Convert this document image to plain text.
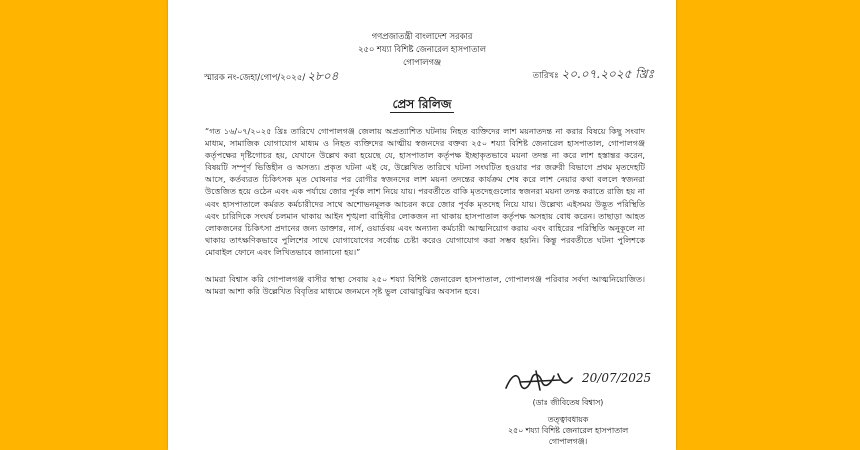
গণপ্রজাতন্ত্রী বাংলাদেশ সরকার
২৫০ শয্যা বিশিষ্ট জেনারেল হাসপাতাল
গোপালগঞ্জ
স্মারক নং-জেহা/গোপ/২০২৫/ ২৮০৪	তারিখঃ ২০.০৭.২০২৫ খ্রিঃ
প্রেস রিলিজ

“গত ১৬/০৭/২০২৫ খ্রিঃ তারিখে গোপালগঞ্জ জেলায় অপ্রত্যাশিত ঘটনায় নিহত ব্যক্তিদের লাশ ময়নাতদন্ত না করার বিষয়ে কিছু সংবাদ মাধ্যম, সামাজিক যোগাযোগ মাধ্যম ও নিহত ব্যক্তিদের আত্মীয় স্বজনদের বক্তব্য ২৫০ শয্যা বিশিষ্ট জেনারেল হাসপাতাল, গোপালগঞ্জ কর্তৃপক্ষের দৃষ্টিগোচর হয়, যেখানে উল্লেখ করা হয়েছে যে, হাসপাতাল কর্তৃপক্ষ ইচ্ছাকৃতভাবে ময়না তদন্ত না করে লাশ হস্তান্তর করেন, বিষয়টি সম্পূর্ণ ভিত্তিহীন ও অসত্য। প্রকৃত ঘটনা এই যে, উল্লেখিত তারিখে ঘটনা সংঘটিত হওয়ার পর জরুরী বিভাগে প্রথম মৃতদেহটি আসে, কর্তব্যরত চিকিৎসক মৃত ঘোষনার পর রোগীর স্বজনদের লাশ ময়না তদন্তের কার্যক্রম শেষ করে লাশ নেয়ার কথা বললে স্বজনরা উত্তেজিত হয়ে ওঠেন এবং এক পর্যায়ে জোর পূর্বক লাশ নিয়ে যায়। পরবর্তীতে বাকি মৃতদেহগুলোর স্বজনরা ময়না তদন্ত করাতে রাজি হয় না এবং হাসপাতালে কর্মরত কর্মচারীদের সাথে অশোভনমূলক আচরন করে জোর পূর্বক মৃতদেহ নিয়ে যায়। উল্লেখ্য এইসময় উদ্ভূত পরিস্থিতি এবং চারিদিকে সংঘর্ষ চলমান থাকায় আইন শৃঙ্খলা বাহিনীর লোকজন না থাকায় হাসপাতাল কর্তৃপক্ষ অসহায় বোধ করেন। তাছাড়া আহত লোকজনের চিকিৎসা প্রদানের জন্য ডাক্তার, নার্স, ওয়ার্ডবয় এবং অন্যান্য কর্মচারী আত্মনিয়োগ করায় এবং বাহিরের পরিস্থিতি অনুকূলে না থাকায় তাৎক্ষণিকভাবে পুলিশের সাথে যোগাযোগের সর্বোচ্চ চেষ্টা করেও যোগাযোগ করা সম্ভব হয়নি। কিন্তু পরবর্তীতে ঘটনা পুলিশকে মোবাইল ফোনে এবং লিখিতভাবে জানানো হয়।”

আমরা বিশ্বাস করি গোপালগঞ্জ বাসীর স্বাস্থ্য সেবায় ২৫০ শয্যা বিশিষ্ট জেনারেল হাসপাতাল, গোপালগঞ্জ পরিবার সর্বদা আত্মনিয়োজিত। আমরা আশা করি উল্লেখিত বিবৃতির মাধ্যমে জনমনে সৃষ্ট ভুল বোঝাবুঝির অবসান হবে।

20/07/2025
(ডাঃ জীবিতেষ বিশ্বাস)
তত্ত্বাবধায়ক
২৫০ শয্যা বিশিষ্ট জেনারেল হাসপাতাল
গোপালগঞ্জ।
